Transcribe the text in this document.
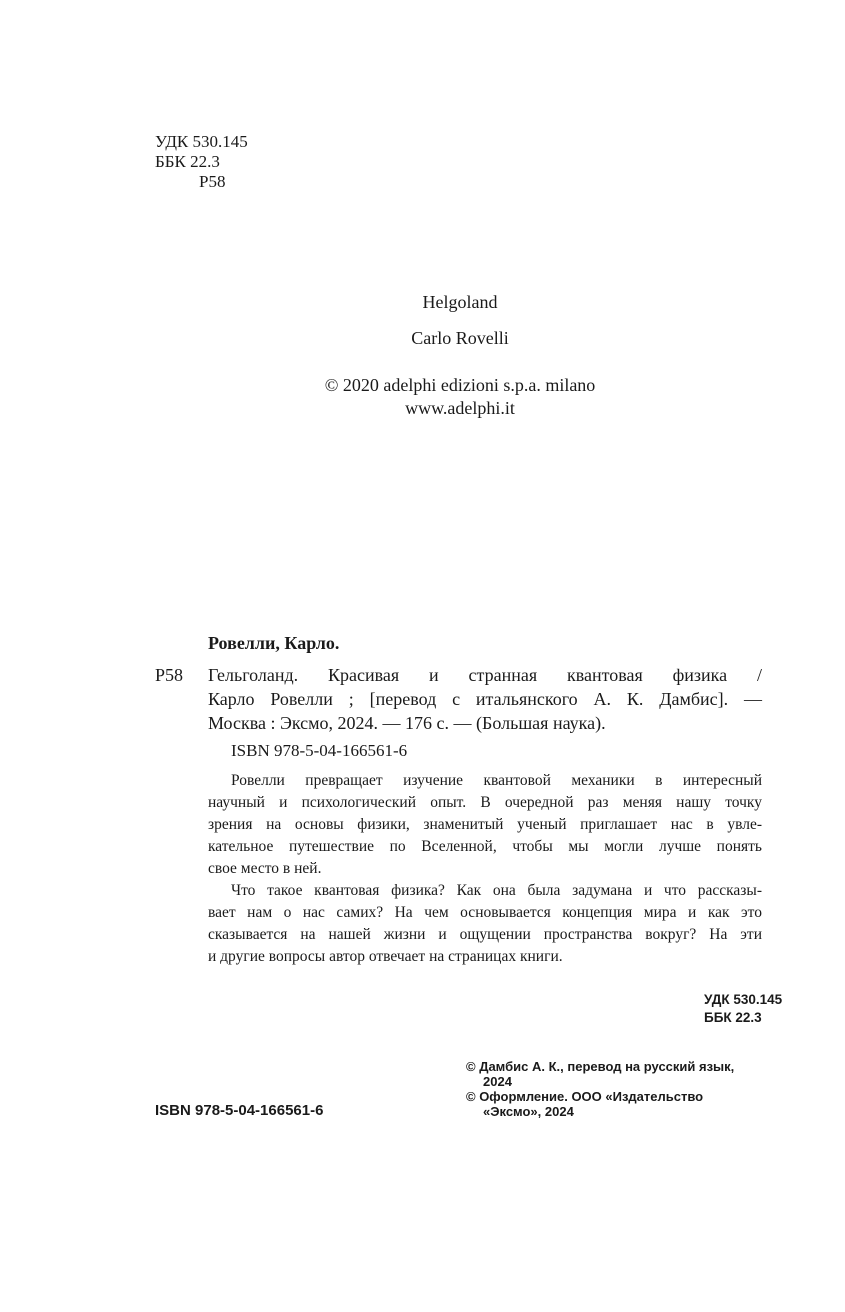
УДК 530.145
ББК 22.3
Р58
Helgoland
Carlo Rovelli
© 2020 adelphi edizioni s.p.a. milano
www.adelphi.it
Ровелли, Карло.
Р58 Гельголанд. Красивая и странная квантовая физика /
Карло Ровелли ; [перевод с итальянского А. К. Дамбис]. —
Москва : Эксмо, 2024. — 176 с. — (Большая наука).
ISBN 978-5-04-166561-6
Ровелли превращает изучение квантовой механики в интересный
научный и психологический опыт. В очередной раз меняя нашу точку
зрения на основы физики, знаменитый ученый приглашает нас в увле-
кательное путешествие по Вселенной, чтобы мы могли лучше понять
свое место в ней.
Что такое квантовая физика? Как она была задумана и что рассказы-
вает нам о нас самих? На чем основывается концепция мира и как это
сказывается на нашей жизни и ощущении пространства вокруг? На эти
и другие вопросы автор отвечает на страницах книги.
УДК 530.145
ББК 22.3
ISBN 978-5-04-166561-6
© Дамбис А. К., перевод на русский язык,
2024
© Оформление. ООО «Издательство
«Эксмо», 2024
